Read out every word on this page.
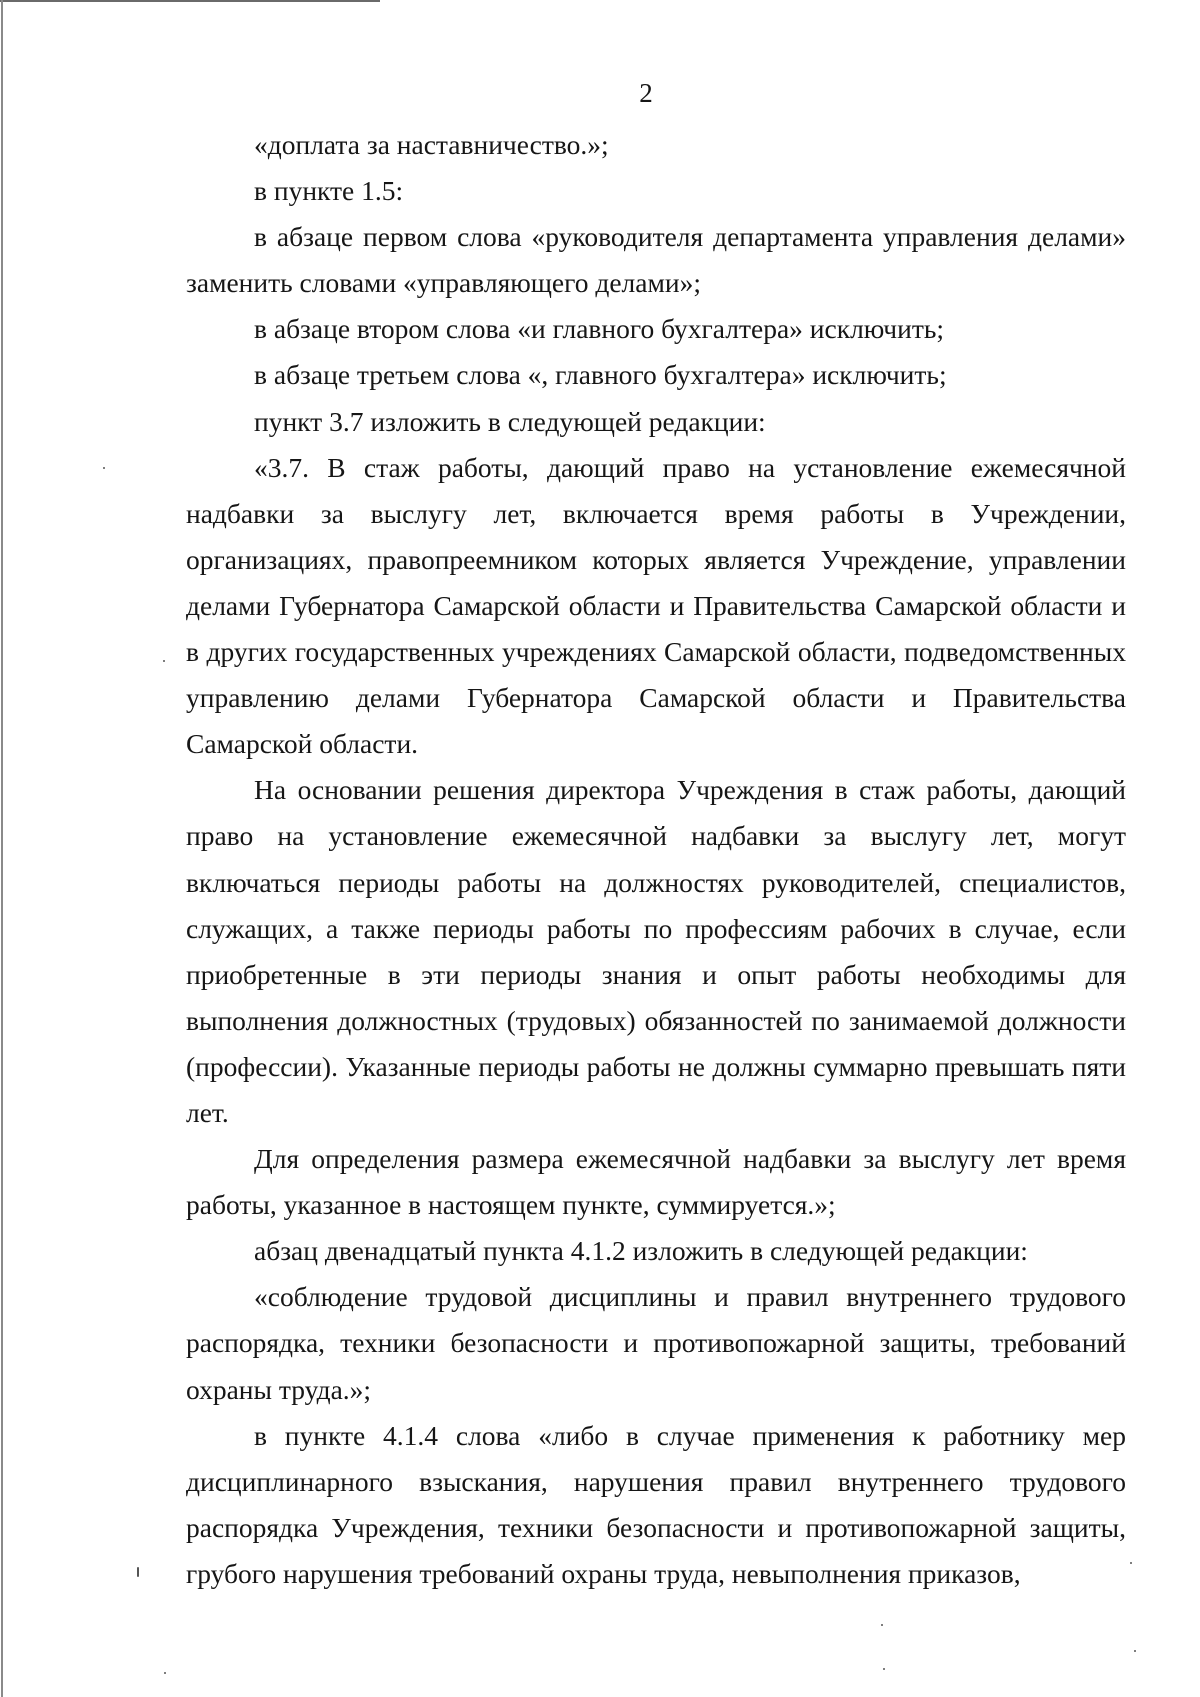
2

«доплата за наставничество.»;

в пункте 1.5:

в абзаце первом слова «руководителя департамента управления делами» заменить словами «управляющего делами»;

в абзаце втором слова «и главного бухгалтера» исключить;

в абзаце третьем слова «, главного бухгалтера» исключить;

пункт 3.7 изложить в следующей редакции:

«3.7. В стаж работы, дающий право на установление ежемесячной надбавки за выслугу лет, включается время работы в Учреждении, организациях, правопреемником которых является Учреждение, управлении делами Губернатора Самарской области и Правительства Самарской области и в других государственных учреждениях Самарской области, подведомственных управлению делами Губернатора Самарской области и Правительства Самарской области.

На основании решения директора Учреждения в стаж работы, дающий право на установление ежемесячной надбавки за выслугу лет, могут включаться периоды работы на должностях руководителей, специалистов, служащих, а также периоды работы по профессиям рабочих в случае, если приобретенные в эти периоды знания и опыт работы необходимы для выполнения должностных (трудовых) обязанностей по занимаемой должности (профессии). Указанные периоды работы не должны суммарно превышать пяти лет.

Для определения размера ежемесячной надбавки за выслугу лет время работы, указанное в настоящем пункте, суммируется.»;

абзац двенадцатый пункта 4.1.2 изложить в следующей редакции:

«соблюдение трудовой дисциплины и правил внутреннего трудового распорядка, техники безопасности и противопожарной защиты, требований охраны труда.»;

в пункте 4.1.4 слова «либо в случае применения к работнику мер дисциплинарного взыскания, нарушения правил внутреннего трудового распорядка Учреждения, техники безопасности и противопожарной защиты, грубого нарушения требований охраны труда, невыполнения приказов,
